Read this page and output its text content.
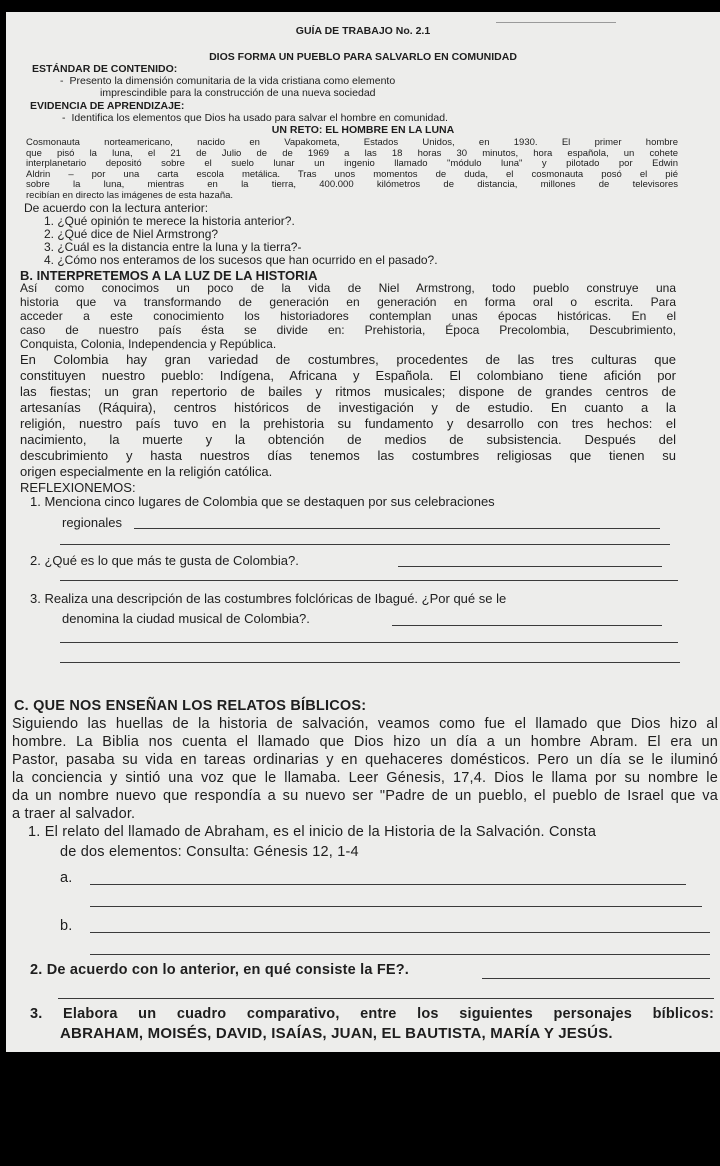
GUÍA DE TRABAJO No. 2.1
DIOS FORMA UN PUEBLO PARA SALVARLO EN COMUNIDAD
ESTÁNDAR DE CONTENIDO:
- Presento la dimensión comunitaria de la vida cristiana como elemento
imprescindible para la construcción de una nueva sociedad
EVIDENCIA DE APRENDIZAJE:
- Identifica los elementos que Dios ha usado para salvar el hombre en comunidad.
UN RETO: EL HOMBRE EN LA LUNA
Cosmonauta norteamericano, nacido en Vapakometa, Estados Unidos, en 1930. El primer hombre
que pisó la luna, el 21 de Julio de de 1969 a las 18 horas 30 minutos, hora española, un cohete
interplanetario depositó sobre el suelo lunar un ingenio llamado "módulo luna" y pilotado por Edwin
Aldrin – por una carta escola metálica. Tras unos momentos de duda, el cosmonauta posó el pié
sobre la luna, mientras en la tierra, 400.000 kilómetros de distancia, millones de televisores
recibían en directo las imágenes de esta hazaña.
De acuerdo con la lectura anterior:
1. ¿Qué opinión te merece la historia anterior?.
2. ¿Qué dice de Niel Armstrong?
3. ¿Cuál es la distancia entre la luna y la tierra?-
4. ¿Cómo nos enteramos de los sucesos que han ocurrido en el pasado?.
B. INTERPRETEMOS A LA LUZ DE LA HISTORIA
Así como conocimos un poco de la vida de Niel Armstrong, todo pueblo construye una
historia que va transformando de generación en generación en forma oral o escrita. Para
acceder a este conocimiento los historiadores contemplan unas épocas históricas. En el
caso de nuestro país ésta se divide en: Prehistoria, Época Precolombia, Descubrimiento,
Conquista, Colonia, Independencia y República.
En Colombia hay gran variedad de costumbres, procedentes de las tres culturas que
constituyen nuestro pueblo: Indígena, Africana y Española. El colombiano tiene afición por
las fiestas; un gran repertorio de bailes y ritmos musicales; dispone de grandes centros de
artesanías (Ráquira), centros históricos de investigación y de estudio. En cuanto a la
religión, nuestro país tuvo en la prehistoria su fundamento y desarrollo con tres hechos: el
nacimiento, la muerte y la obtención de medios de subsistencia. Después del
descubrimiento y hasta nuestros días tenemos las costumbres religiosas que tienen su
origen especialmente en la religión católica.
REFLEXIONEMOS:
1. Menciona cinco lugares de Colombia que se destaquen por sus celebraciones
regionales
2. ¿Qué es lo que más te gusta de Colombia?.
3. Realiza una descripción de las costumbres folclóricas de Ibagué. ¿Por qué se le
denomina la ciudad musical de Colombia?.
C. QUE NOS ENSEÑAN LOS RELATOS BÍBLICOS:
Siguiendo las huellas de la historia de salvación, veamos como fue el llamado que Dios hizo al
hombre. La Biblia nos cuenta el llamado que Dios hizo un día a un hombre Abram. El era un
Pastor, pasaba su vida en tareas ordinarias y en quehaceres domésticos. Pero un día se le iluminó
la conciencia y sintió una voz que le llamaba. Leer Génesis, 17,4. Dios le llama por su nombre le
da un nombre nuevo que respondía a su nuevo ser "Padre de un pueblo, el pueblo de Israel que va
a traer al salvador.
1. El relato del llamado de Abraham, es el inicio de la Historia de la Salvación. Consta
de dos elementos: Consulta: Génesis 12, 1-4
a.
b.
2. De acuerdo con lo anterior, en qué consiste la FE?.
3. Elabora un cuadro comparativo, entre los siguientes personajes bíblicos:
ABRAHAM, MOISÉS, DAVID, ISAÍAS, JUAN, EL BAUTISTA, MARÍA Y JESÚS.
